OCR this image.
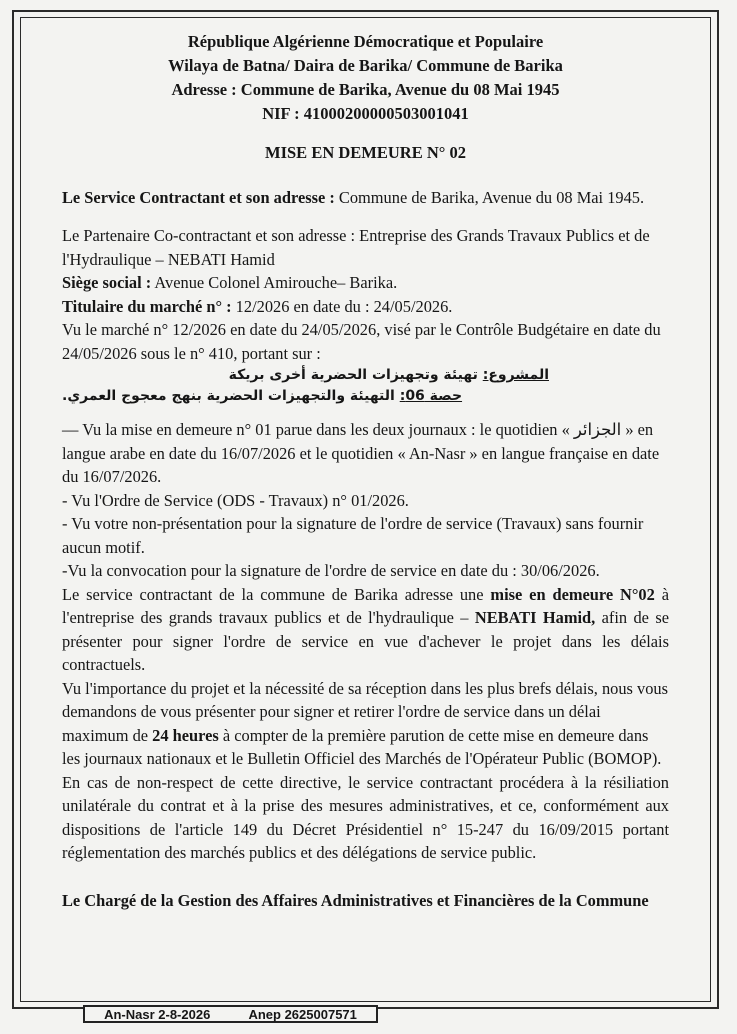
République Algérienne Démocratique et Populaire
Wilaya de Batna/ Daira de Barika/ Commune de Barika
Adresse : Commune de Barika, Avenue du 08 Mai 1945
NIF : 410002000005030010​41
MISE EN DEMEURE N° 02

Le Service Contractant et son adresse : Commune de Barika, Avenue du 08 Mai 1945.

Le Partenaire Co-contractant et son adresse : Entreprise des Grands Travaux Publics et de l'Hydraulique – NEBATI Hamid

Siège social : Avenue Colonel Amirouche– Barika.

Titulaire du marché n° : 12/2026 en date du : 24/05/2026.

Vu le marché n° 12/2026 en date du 24/05/2026, visé par le Contrôle Budgétaire en date du 24/05/2026 sous le n° 410, portant sur :

المشروع: تهيئة وتجهيزات الحضرية أخرى بريكة

حصة 06: التهيئة والتجهيزات الحضرية بنهج معجوج العمري.

— Vu la mise en demeure n° 01 parue dans les deux journaux : le quotidien « الجزائر » en langue arabe en date du 16/07/2026 et le quotidien « An-Nasr » en langue française en date du 16/07/2026.

- Vu l'Ordre de Service (ODS - Travaux) n° 01/2026.

- Vu votre non-présentation pour la signature de l'ordre de service (Travaux) sans fournir aucun motif.

-Vu la convocation pour la signature de l'ordre de service en date du : 30/06/2026.

Le service contractant de la commune de Barika adresse une mise en demeure N°02 à l'entreprise des grands travaux publics et de l'hydraulique – NEBATI Hamid, afin de se présenter pour signer l'ordre de service en vue d'achever le projet dans les délais contractuels.

Vu l'importance du projet et la nécessité de sa réception dans les plus brefs délais, nous vous demandons de vous présenter pour signer et retirer l'ordre de service dans un délai maximum de 24 heures à compter de la première parution de cette mise en demeure dans les journaux nationaux et le Bulletin Officiel des Marchés de l'Opérateur Public (BOMOP).

En cas de non-respect de cette directive, le service contractant procédera à la résiliation unilatérale du contrat et à la prise des mesures administratives, et ce, conformément aux dispositions de l'article 149 du Décret Présidentiel n° 15-247 du 16/09/2015 portant réglementation des marchés publics et des délégations de service public.

Le Chargé de la Gestion des Affaires Administratives et Financières de la Commune

An-Nasr 2-8-2026	Anep 2625007571
